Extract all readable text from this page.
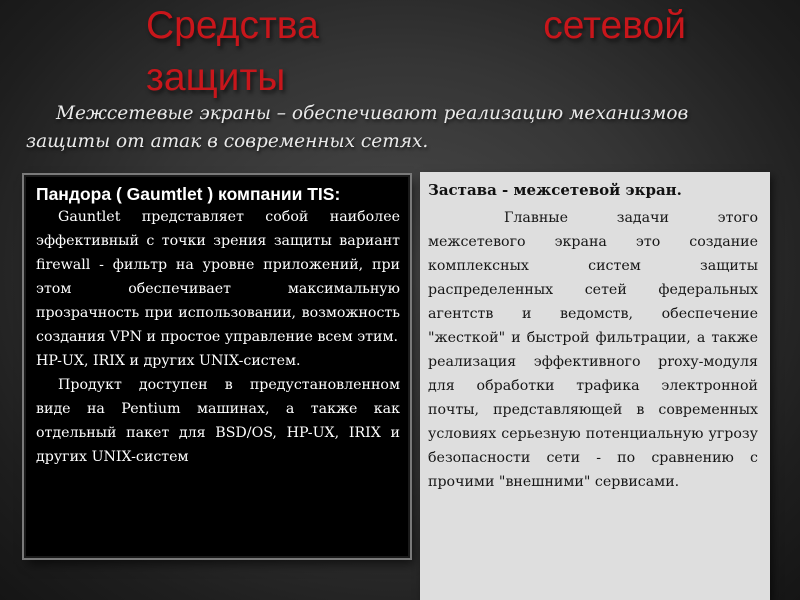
Средства	сетевой
защиты
Межсетевые экраны – обеспечивают реализацию механизмов защиты от атак в современных сетях.
Пандора ( Gaumtlet ) компании TIS:
Gauntlet представляет собой наиболее эффективный с точки зрения защиты вариант firewall - фильтр на уровне приложений, при этом обеспечивает максимальную прозрачность при использовании, возможность создания VPN и простое управление всем этим.
HP-UX, IRIX и других UNIX-систем.
Продукт доступен в предустановленном виде на Pentium машинах, а также как отдельный пакет для BSD/OS, HP-UX, IRIX и других UNIX-систем
Застава - межсетевой экран.
Главные задачи этого межсетевого экрана это создание комплексных систем защиты распределенных сетей федеральных агентств и ведомств, обеспечение "жесткой" и быстрой фильтрации, а также реализация эффективного proxy-модуля для обработки трафика электронной почты, представляющей в современных условиях серьезную потенциальную угрозу безопасности сети - по сравнению с прочими "внешними" сервисами.
